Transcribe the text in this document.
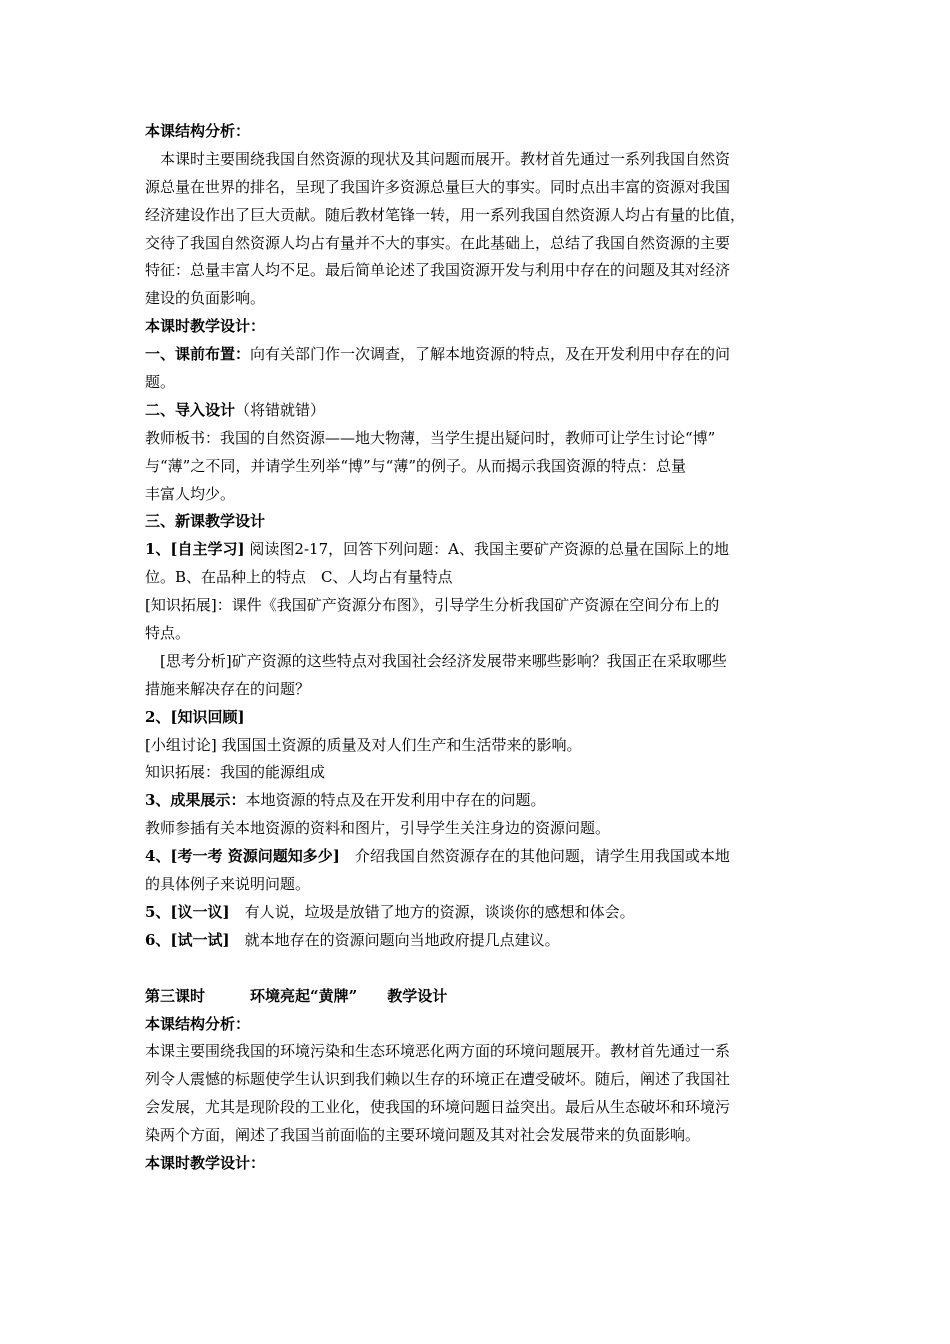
本课结构分析：
　本课时主要围绕我国自然资源的现状及其问题而展开。教材首先通过一系列我国自然资
源总量在世界的排名，呈现了我国许多资源总量巨大的事实。同时点出丰富的资源对我国
经济建设作出了巨大贡献。随后教材笔锋一转，用一系列我国自然资源人均占有量的比值，
交待了我国自然资源人均占有量并不大的事实。在此基础上，总结了我国自然资源的主要
特征：总量丰富人均不足。最后简单论述了我国资源开发与利用中存在的问题及其对经济
建设的负面影响。
本课时教学设计：
一、课前布置：向有关部门作一次调查，了解本地资源的特点，及在开发利用中存在的问
题。
二、导入设计（将错就错）
教师板书：我国的自然资源——地大物薄，当学生提出疑问时，教师可让学生讨论“博”
与“薄”之不同，并请学生列举“博”与“薄”的例子。从而揭示我国资源的特点：总量
丰富人均少。
三、新课教学设计
1、[自主学习] 阅读图2-17，回答下列问题：A、我国主要矿产资源的总量在国际上的地
位。B、在品种上的特点　C、人均占有量特点
[知识拓展]：课件《我国矿产资源分布图》，引导学生分析我国矿产资源在空间分布上的
特点。
　[思考分析]矿产资源的这些特点对我国社会经济发展带来哪些影响？我国正在采取哪些
措施来解决存在的问题？
2、[知识回顾]
[小组讨论] 我国国土资源的质量及对人们生产和生活带来的影响。
知识拓展：我国的能源组成
3、成果展示：本地资源的特点及在开发利用中存在的问题。
教师参插有关本地资源的资料和图片，引导学生关注身边的资源问题。
4、[考一考 资源问题知多少]　介绍我国自然资源存在的其他问题，请学生用我国或本地
的具体例子来说明问题。
5、[议一议]　有人说，垃圾是放错了地方的资源，谈谈你的感想和体会。
6、[试一试]　就本地存在的资源问题向当地政府提几点建议。
第三课时　　　环境亮起“黄牌”　　教学设计
本课结构分析：
本课主要围绕我国的环境污染和生态环境恶化两方面的环境问题展开。教材首先通过一系
列令人震憾的标题使学生认识到我们赖以生存的环境正在遭受破坏。随后，阐述了我国社
会发展，尤其是现阶段的工业化，使我国的环境问题日益突出。最后从生态破坏和环境污
染两个方面，阐述了我国当前面临的主要环境问题及其对社会发展带来的负面影响。
本课时教学设计：
